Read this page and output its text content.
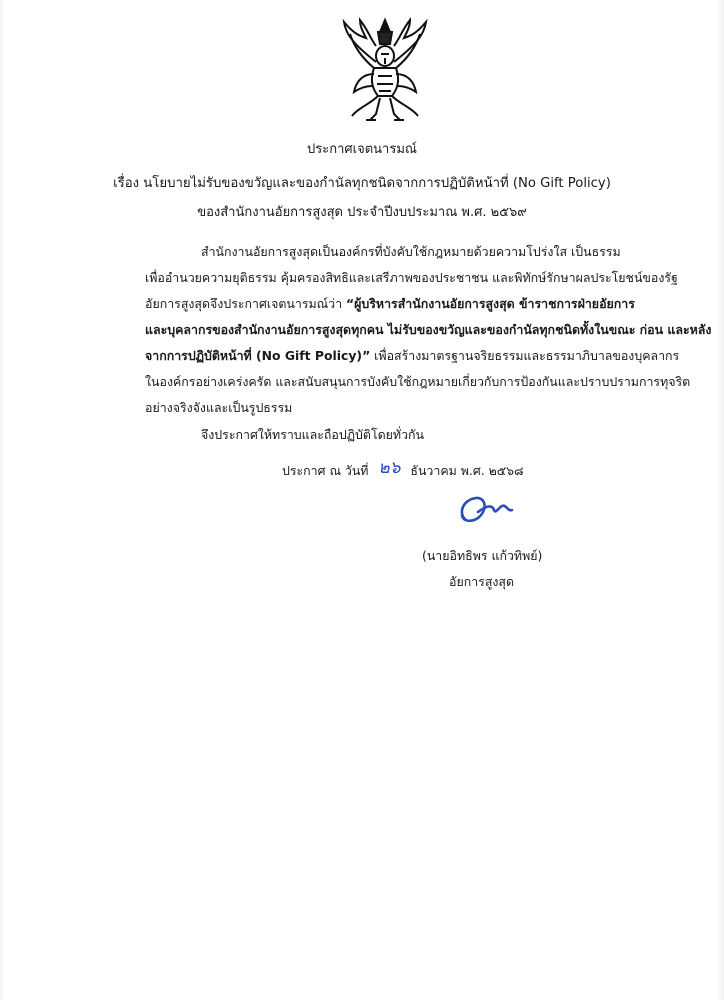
ประกาศเจตนารมณ์
เรื่อง นโยบายไม่รับของขวัญและของกำนัลทุกชนิดจากการปฏิบัติหน้าที่ (No Gift Policy)
ของสำนักงานอัยการสูงสุด ประจำปีงบประมาณ พ.ศ. ๒๕๖๙
สำนักงานอัยการสูงสุดเป็นองค์กรที่บังคับใช้กฎหมายด้วยความโปร่งใส เป็นธรรม
เพื่ออำนวยความยุติธรรม คุ้มครองสิทธิและเสรีภาพของประชาชน และพิทักษ์รักษาผลประโยชน์ของรัฐ
อัยการสูงสุดจึงประกาศเจตนารมณ์ว่า “ผู้บริหารสำนักงานอัยการสูงสุด ข้าราชการฝ่ายอัยการ
และบุคลากรของสำนักงานอัยการสูงสุดทุกคน ไม่รับของขวัญและของกำนัลทุกชนิดทั้งในขณะ ก่อน และหลัง
จากการปฏิบัติหน้าที่ (No Gift Policy)” เพื่อสร้างมาตรฐานจริยธรรมและธรรมาภิบาลของบุคลากร
ในองค์กรอย่างเคร่งครัด และสนับสนุนการบังคับใช้กฎหมายเกี่ยวกับการป้องกันและปราบปรามการทุจริต
อย่างจริงจังและเป็นรูปธรรม
จึงประกาศให้ทราบและถือปฏิบัติโดยทั่วกัน
ประกาศ ณ วันที่ ๒๖ ธันวาคม พ.ศ. ๒๕๖๘
(นายอิทธิพร แก้วทิพย์)
อัยการสูงสุด
